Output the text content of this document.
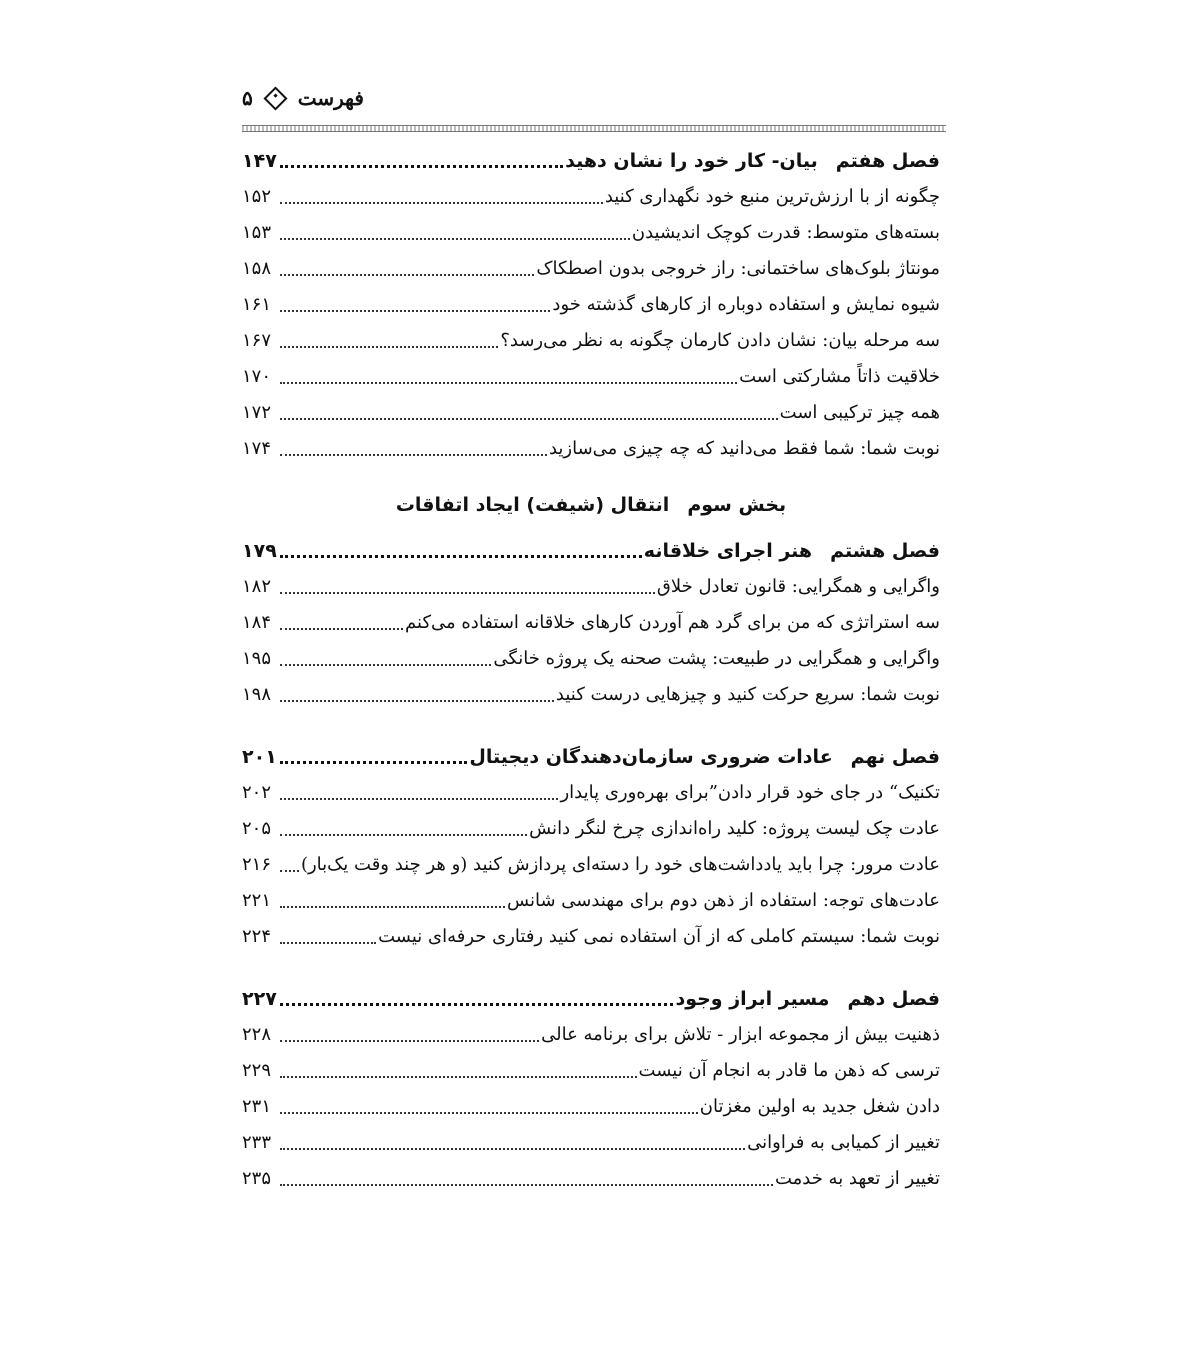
۵ فهرست
فصل هفتمبیان- کار خود را نشان دهید
۱۴۷
چگونه از با ارزش‌ترین منبع خود نگهداری کنید
۱۵۲
بسته‌های متوسط: قدرت کوچک اندیشیدن
۱۵۳
مونتاژ بلوک‌های ساختمانی: راز خروجی بدون اصطکاک
۱۵۸
شیوه نمایش و استفاده دوباره از کارهای گذشته خود
۱۶۱
سه مرحله بیان: نشان دادن کارمان چگونه به نظر می‌رسد؟
۱۶۷
خلاقیت ذاتاً مشارکتی است
۱۷۰
همه چیز ترکیبی است
۱۷۲
نوبت شما: شما فقط می‌دانید که چه چیزی می‌سازید
۱۷۴
بخش سومانتقال (شیفت) ایجاد اتفاقات
فصل هشتمهنر اجرای خلاقانه
۱۷۹
واگرایی و همگرایی: قانون تعادل خلاق
۱۸۲
سه استراتژی که من برای گرد هم آوردن کارهای خلاقانه استفاده می‌کنم
۱۸۴
واگرایی و همگرایی در طبیعت: پشت صحنه یک پروژه خانگی
۱۹۵
نوبت شما: سریع حرکت کنید و چیزهایی درست کنید
۱۹۸
فصل نهمعادات ضروری سازمان‌دهندگان دیجیتال
۲۰۱
تکنیک“ در جای خود قرار دادن”برای بهره‌وری پایدار
۲۰۲
عادت چک لیست پروژه: کلید راه‌اندازی چرخ لنگر دانش
۲۰۵
عادت مرور: چرا باید یادداشت‌های خود را دسته‌ای پردازش کنید (و هر چند وقت یک‌بار)
۲۱۶
عادت‌های توجه: استفاده از ذهن دوم برای مهندسی شانس
۲۲۱
نوبت شما: سیستم کاملی که از آن استفاده نمی کنید رفتاری حرفه‌ای نیست
۲۲۴
فصل دهممسیر ابراز وجود
۲۲۷
ذهنیت بیش از مجموعه ابزار - تلاش برای برنامه عالی
۲۲۸
ترسی که ذهن ما قادر به انجام آن نیست
۲۲۹
دادن شغل جدید به اولین مغزتان
۲۳۱
تغییر از کمیابی به فراوانی
۲۳۳
تغییر از تعهد به خدمت
۲۳۵
